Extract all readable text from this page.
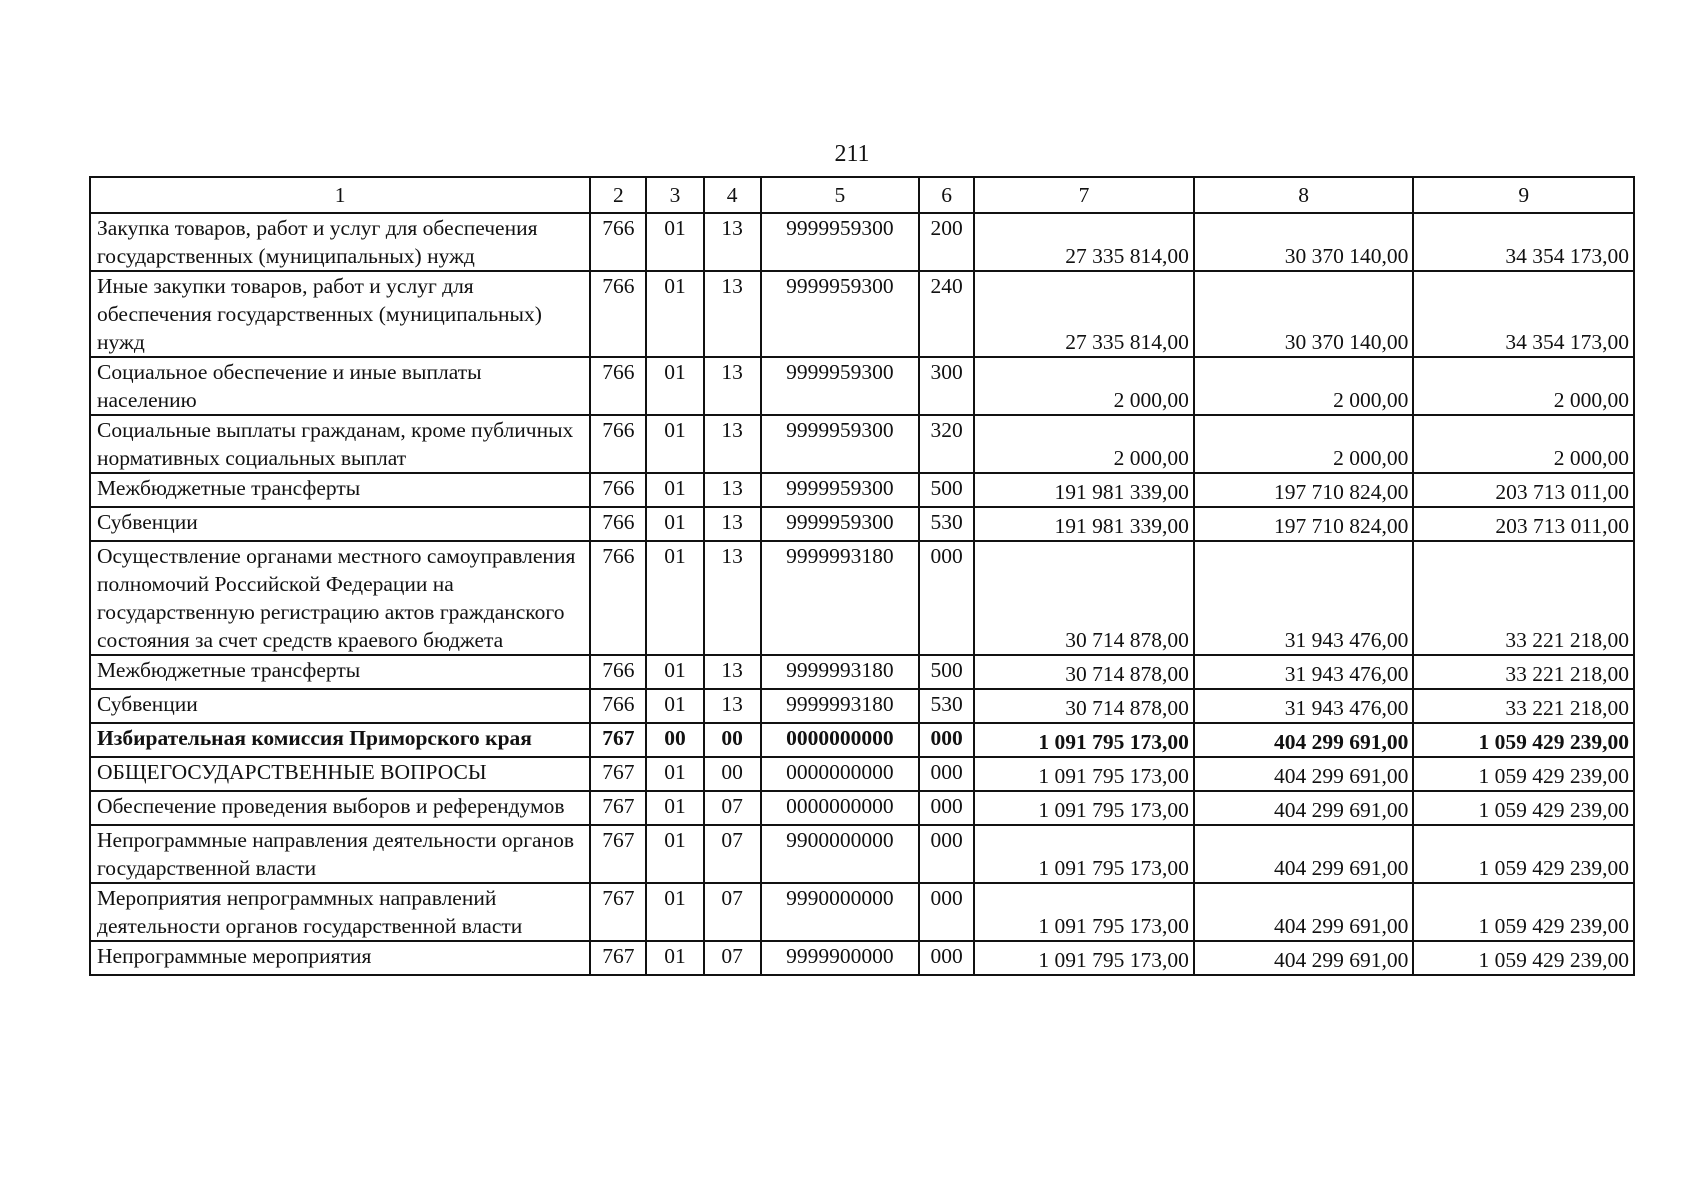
211
1	2	3	4	5	6	7	8	9
Закупка товаров, работ и услуг для обеспечения государственных (муниципальных) нужд	766	01	13	9999959300	200	27 335 814,00	30 370 140,00	34 354 173,00
Иные закупки товаров, работ и услуг для обеспечения государственных (муниципальных) нужд	766	01	13	9999959300	240	27 335 814,00	30 370 140,00	34 354 173,00
Социальное обеспечение и иные выплаты населению	766	01	13	9999959300	300	2 000,00	2 000,00	2 000,00
Социальные выплаты гражданам, кроме публичных нормативных социальных выплат	766	01	13	9999959300	320	2 000,00	2 000,00	2 000,00
Межбюджетные трансферты	766	01	13	9999959300	500	191 981 339,00	197 710 824,00	203 713 011,00
Субвенции	766	01	13	9999959300	530	191 981 339,00	197 710 824,00	203 713 011,00
Осуществление органами местного самоуправления полномочий Российской Федерации на государственную регистрацию актов гражданского состояния за счет средств краевого бюджета	766	01	13	9999993180	000	30 714 878,00	31 943 476,00	33 221 218,00
Межбюджетные трансферты	766	01	13	9999993180	500	30 714 878,00	31 943 476,00	33 221 218,00
Субвенции	766	01	13	9999993180	530	30 714 878,00	31 943 476,00	33 221 218,00
Избирательная комиссия Приморского края	767	00	00	0000000000	000	1 091 795 173,00	404 299 691,00	1 059 429 239,00
ОБЩЕГОСУДАРСТВЕННЫЕ ВОПРОСЫ	767	01	00	0000000000	000	1 091 795 173,00	404 299 691,00	1 059 429 239,00
Обеспечение проведения выборов и референдумов	767	01	07	0000000000	000	1 091 795 173,00	404 299 691,00	1 059 429 239,00
Непрограммные направления деятельности органов государственной власти	767	01	07	9900000000	000	1 091 795 173,00	404 299 691,00	1 059 429 239,00
Мероприятия непрограммных направлений деятельности органов государственной власти	767	01	07	9990000000	000	1 091 795 173,00	404 299 691,00	1 059 429 239,00
Непрограммные мероприятия	767	01	07	9999900000	000	1 091 795 173,00	404 299 691,00	1 059 429 239,00
